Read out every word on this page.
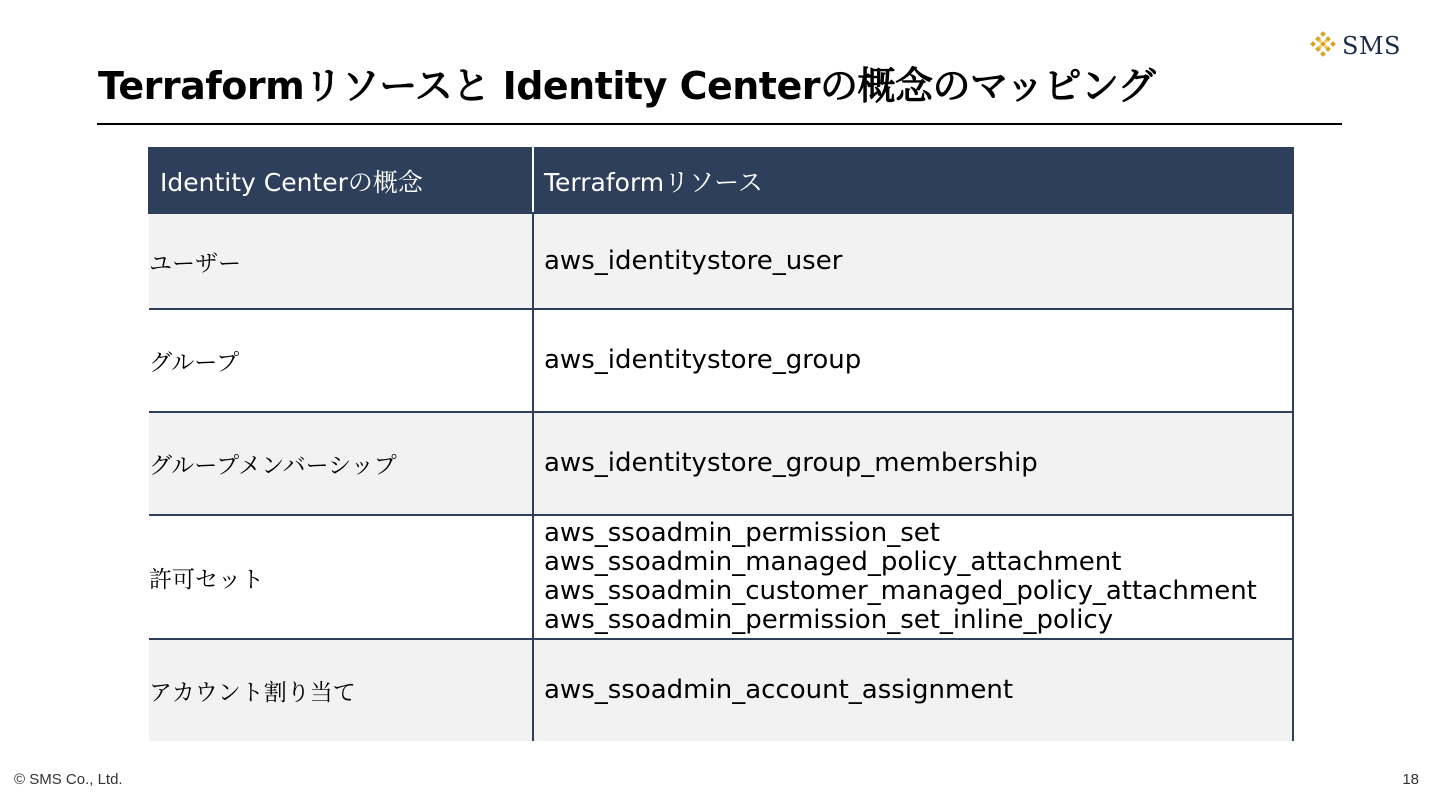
Terraformリソースと Identity Centerの概念のマッピング
SMS
Identity Centerの概念	Terraformリソース
ユーザー	aws_identitystore_user

グループ	aws_identitystore_group

グループメンバーシップ	aws_identitystore_group_membership

許可セット	aws_ssoadmin_permission_set
aws_ssoadmin_managed_policy_attachment
aws_ssoadmin_customer_managed_policy_attachment
aws_ssoadmin_permission_set_inline_policy

アカウント割り当て	aws_ssoadmin_account_assignment
© SMS Co., Ltd.	18
